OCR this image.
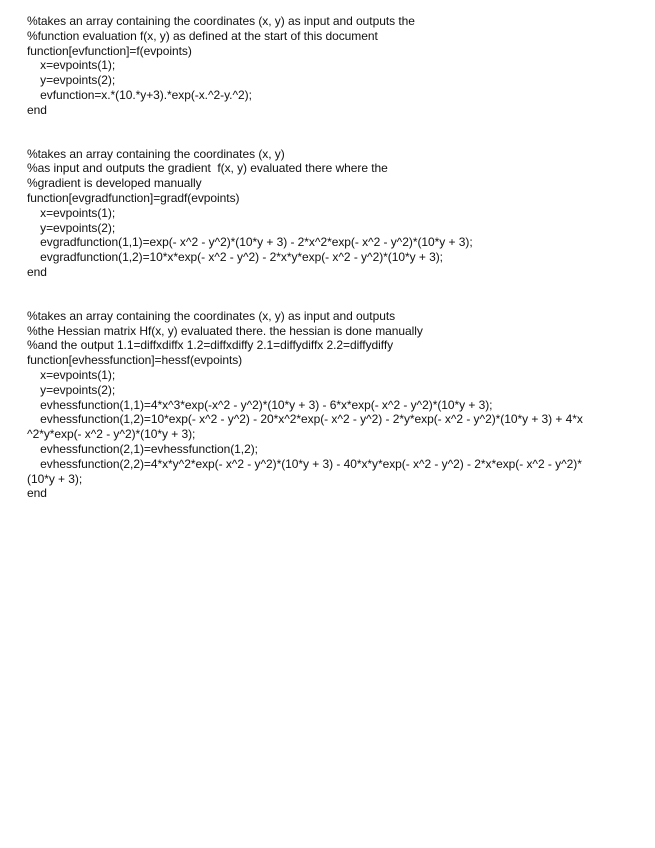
%takes an array containing the coordinates (x, y) as input and outputs the
%function evaluation f(x, y) as defined at the start of this document
function[evfunction]=f(evpoints)
x=evpoints(1);
y=evpoints(2);
evfunction=x.*(10.*y+3).*exp(-x.^2-y.^2);
end
%takes an array containing the coordinates (x, y)
%as input and outputs the gradient  f(x, y) evaluated there where the
%gradient is developed manually
function[evgradfunction]=gradf(evpoints)
x=evpoints(1);
y=evpoints(2);
evgradfunction(1,1)=exp(- x^2 - y^2)*(10*y + 3) - 2*x^2*exp(- x^2 - y^2)*(10*y + 3);
evgradfunction(1,2)=10*x*exp(- x^2 - y^2) - 2*x*y*exp(- x^2 - y^2)*(10*y + 3);
end
%takes an array containing the coordinates (x, y) as input and outputs
%the Hessian matrix Hf(x, y) evaluated there. the hessian is done manually
%and the output 1.1=diffxdiffx 1.2=diffxdiffy 2.1=diffydiffx 2.2=diffydiffy
function[evhessfunction]=hessf(evpoints)
x=evpoints(1);
y=evpoints(2);
evhessfunction(1,1)=4*x^3*exp(-x^2 - y^2)*(10*y + 3) - 6*x*exp(- x^2 - y^2)*(10*y + 3);
evhessfunction(1,2)=10*exp(- x^2 - y^2) - 20*x^2*exp(- x^2 - y^2) - 2*y*exp(- x^2 - y^2)*(10*y + 3) + 4*x
^2*y*exp(- x^2 - y^2)*(10*y + 3);
evhessfunction(2,1)=evhessfunction(1,2);
evhessfunction(2,2)=4*x*y^2*exp(- x^2 - y^2)*(10*y + 3) - 40*x*y*exp(- x^2 - y^2) - 2*x*exp(- x^2 - y^2)*
(10*y + 3);
end
